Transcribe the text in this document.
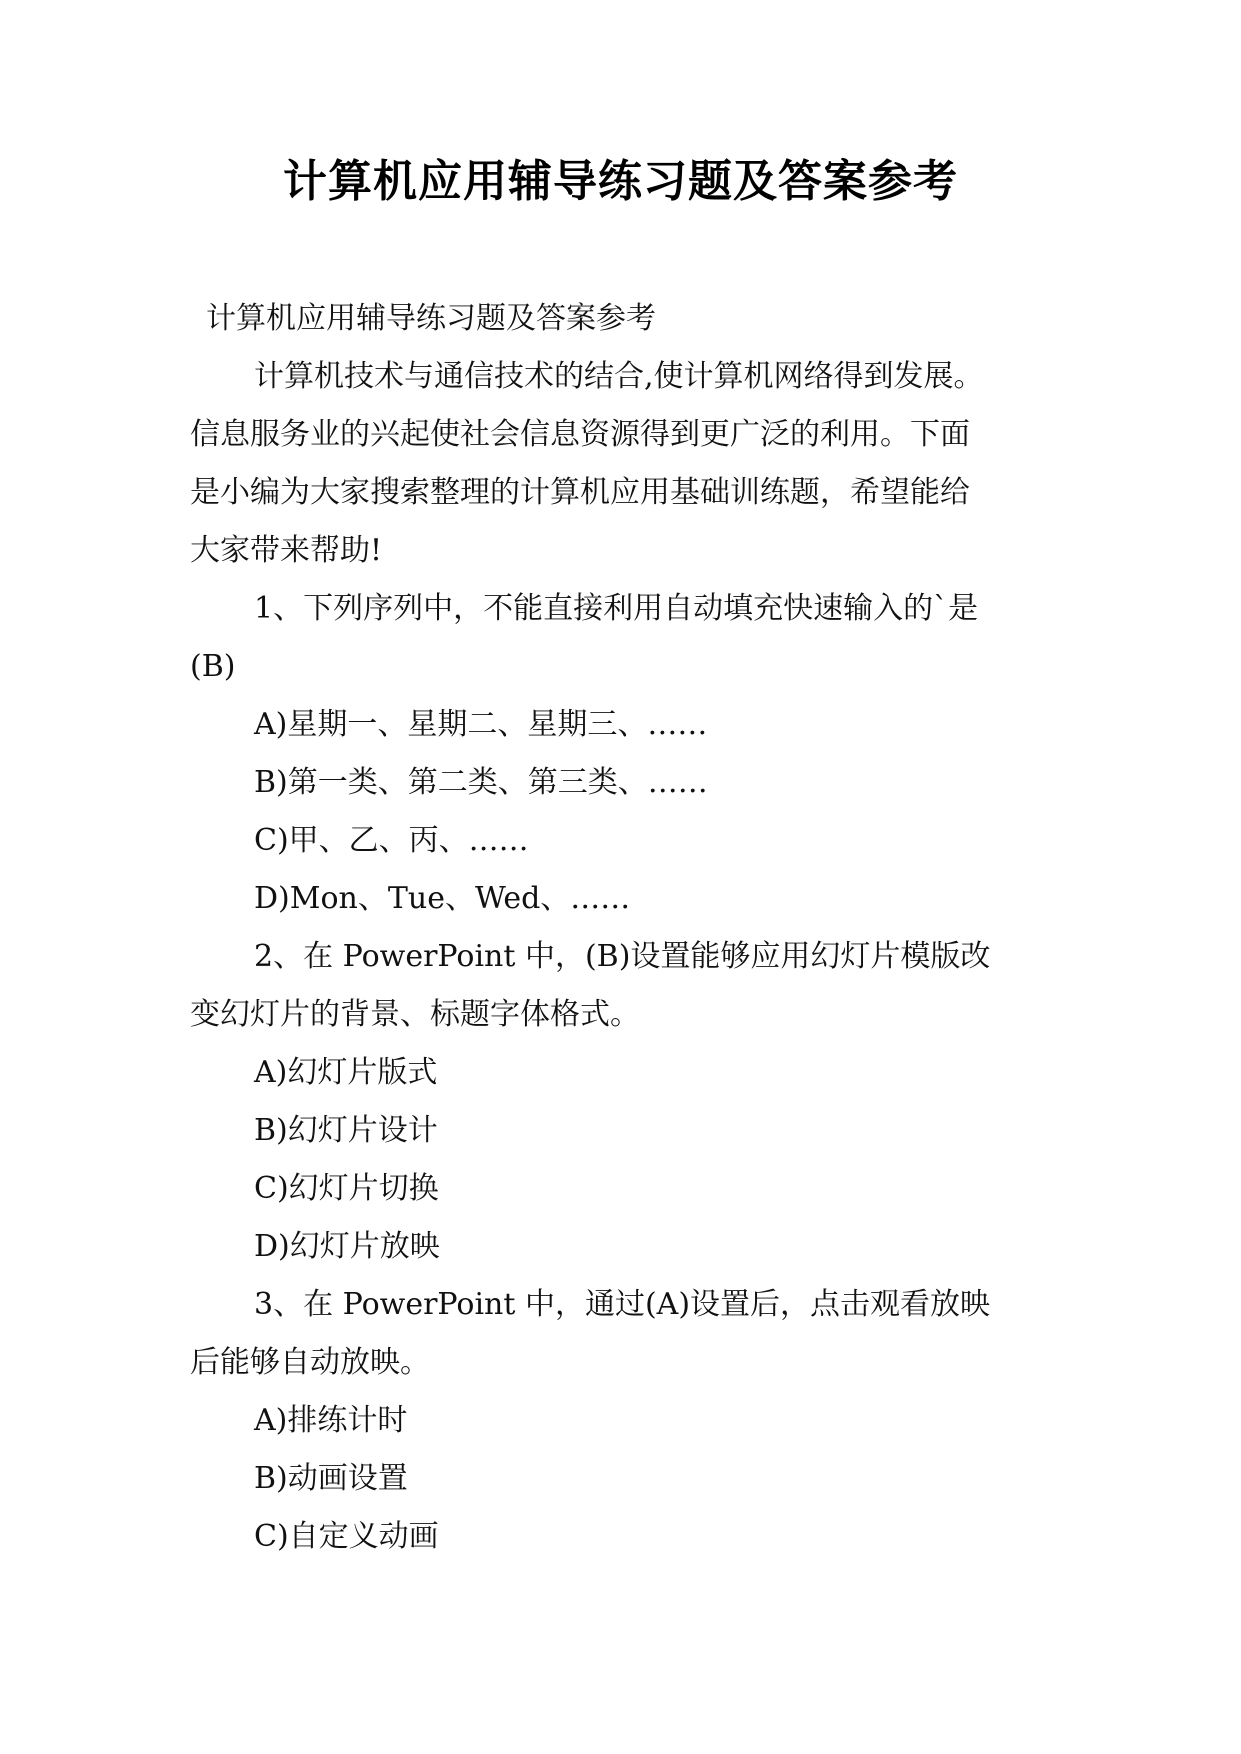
计算机应用辅导练习题及答案参考
计算机应用辅导练习题及答案参考
计算机技术与通信技术的结合,使计算机网络得到发展。
信息服务业的兴起使社会信息资源得到更广泛的利用。下面
是小编为大家搜索整理的计算机应用基础训练题，希望能给
大家带来帮助!
1、下列序列中，不能直接利用自动填充快速输入的`是
(B)
A)星期一、星期二、星期三、……
B)第一类、第二类、第三类、……
C)甲、乙、丙、……
D)Mon、Tue、Wed、……
2、在 PowerPoint 中，(B)设置能够应用幻灯片模版改
变幻灯片的背景、标题字体格式。
A)幻灯片版式
B)幻灯片设计
C)幻灯片切换
D)幻灯片放映
3、在 PowerPoint 中，通过(A)设置后，点击观看放映
后能够自动放映。
A)排练计时
B)动画设置
C)自定义动画
